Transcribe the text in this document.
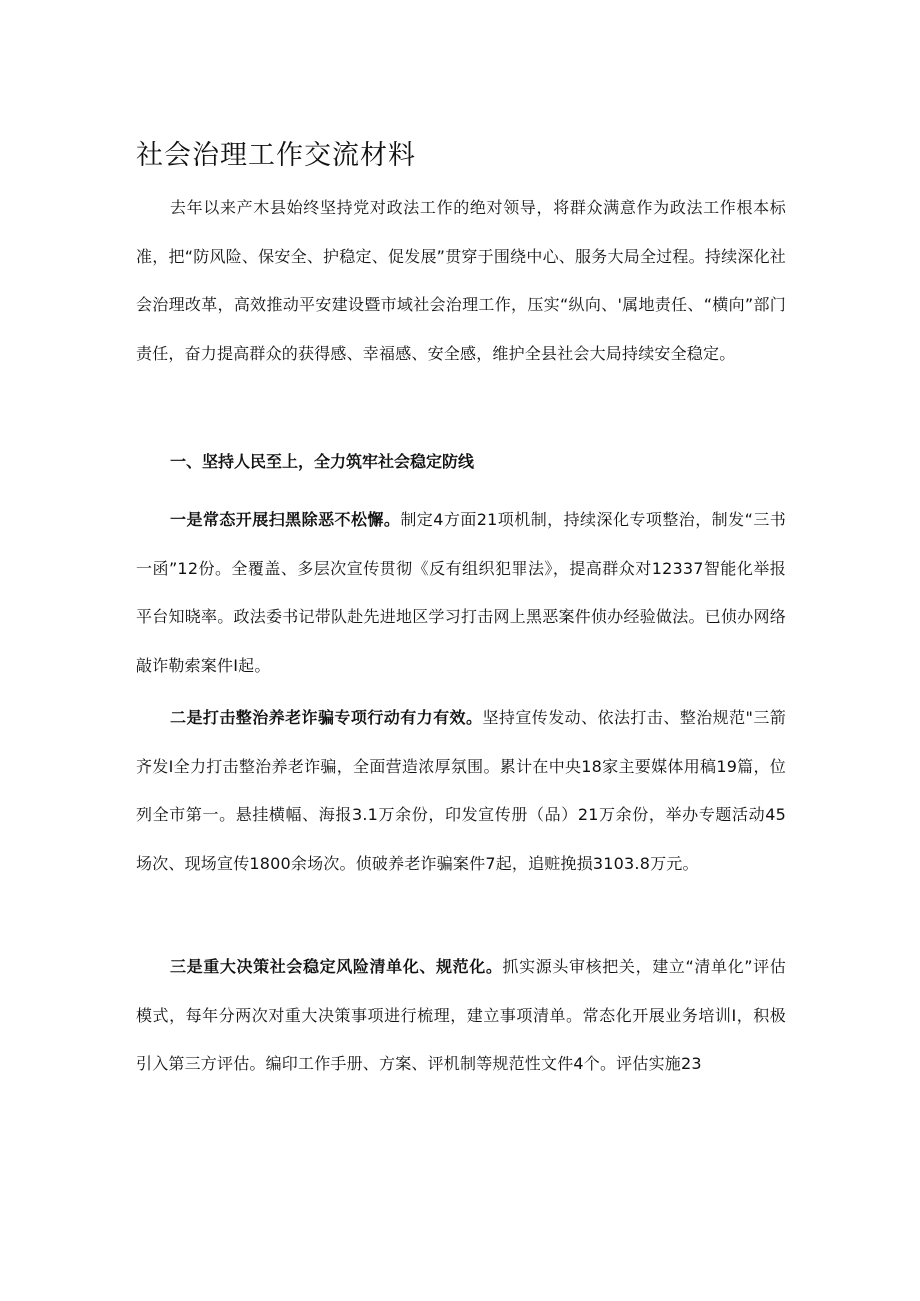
社会治理工作交流材料

去年以来产木县始终坚持党对政法工作的绝对领导，将群众满意作为政法工作根本标准，把“防风险、保安全、护稳定、促发展”贯穿于围绕中心、服务大局全过程。持续深化社会治理改革，高效推动平安建设暨市域社会治理工作，压实“纵向、'属地责任、“横向”部门责任，奋力提高群众的获得感、幸福感、安全感，维护全县社会大局持续安全稳定。

一、坚持人民至上，全力筑牢社会稳定防线

一是常态开展扫黑除恶不松懈。制定4方面21项机制，持续深化专项整治，制发“三书一函”12份。全覆盖、多层次宣传贯彻《反有组织犯罪法》，提高群众对12337智能化举报平台知晓率。政法委书记带队赴先进地区学习打击网上黑恶案件侦办经验做法。已侦办网络敲诈勒索案件I起。

二是打击整治养老诈骗专项行动有力有效。坚持宣传发动、依法打击、整治规范"三箭齐发I全力打击整治养老诈骗，全面营造浓厚氛围。累计在中央18家主要媒体用稿19篇，位列全市第一。悬挂横幅、海报3.1万余份，印发宣传册（品）21万余份，举办专题活动45场次、现场宣传1800余场次。侦破养老诈骗案件7起，追赃挽损3103.8万元。

三是重大决策社会稳定风险清单化、规范化。抓实源头审核把关，建立“清单化”评估模式，每年分两次对重大决策事项进行梳理，建立事项清单。常态化开展业务培训I，积极引入第三方评估。编印工作手册、方案、评机制等规范性文件4个。评估实施23
